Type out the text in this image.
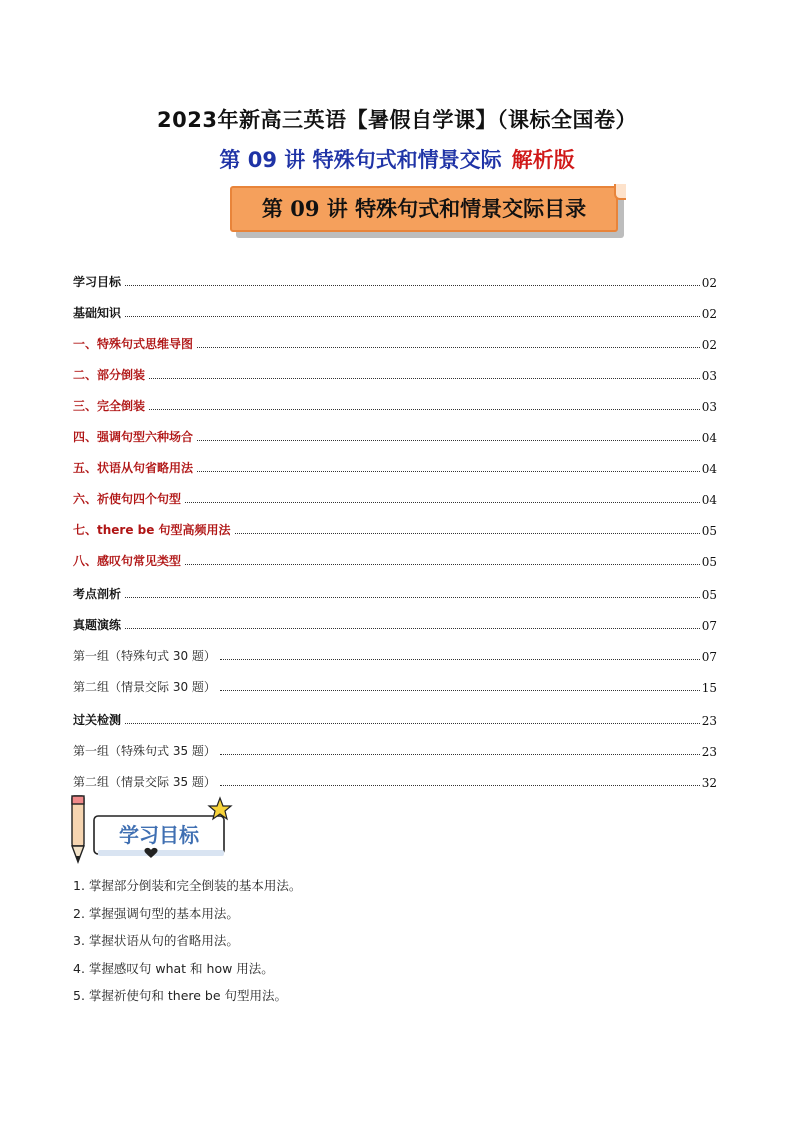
2023年新高三英语【暑假自学课】（课标全国卷）
第 09 讲 特殊句式和情景交际 解析版
第 09 讲 特殊句式和情景交际目录
学习目标	02
基础知识	02
一、特殊句式思维导图	02
二、部分倒装	03
三、完全倒装	03
四、强调句型六种场合	04
五、状语从句省略用法	04
六、祈使句四个句型	04
七、there be 句型高频用法	05
八、感叹句常见类型	05
考点剖析	05
真题演练	07
第一组（特殊句式 30 题）	07
第二组（情景交际 30 题）	15
过关检测	23
第一组（特殊句式 35 题）	23
第二组（情景交际 35 题）	32
学习目标
1. 掌握部分倒装和完全倒装的基本用法。
2. 掌握强调句型的基本用法。
3. 掌握状语从句的省略用法。
4. 掌握感叹句 what 和 how 用法。
5. 掌握祈使句和 there be 句型用法。
